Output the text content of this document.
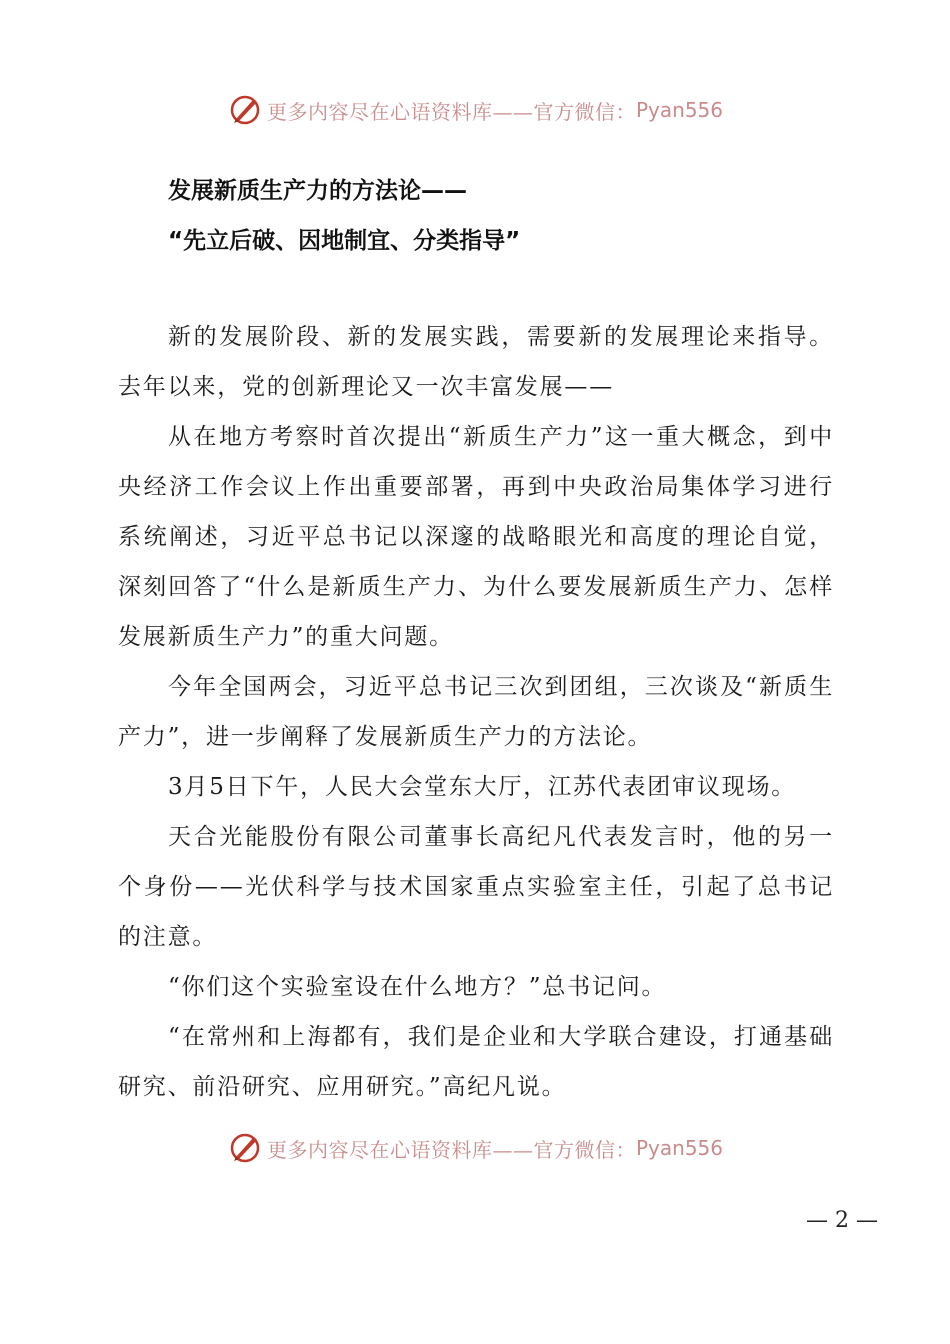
更多内容尽在心语资料库——官方微信： Pyan556
发展新质生产力的方法论——
“先立后破、因地制宜、分类指导”

新的发展阶段、新的发展实践，需要新的发展理论来指导。去年以来，党的创新理论又一次丰富发展——

从在地方考察时首次提出“新质生产力”这一重大概念，到中央经济工作会议上作出重要部署，再到中央政治局集体学习进行系统阐述，习近平总书记以深邃的战略眼光和高度的理论自觉，深刻回答了“什么是新质生产力、为什么要发展新质生产力、怎样发展新质生产力”的重大问题。

今年全国两会，习近平总书记三次到团组，三次谈及“新质生产力”，进一步阐释了发展新质生产力的方法论。

3月5日下午，人民大会堂东大厅，江苏代表团审议现场。

天合光能股份有限公司董事长高纪凡代表发言时，他的另一个身份——光伏科学与技术国家重点实验室主任，引起了总书记的注意。

“你们这个实验室设在什么地方？”总书记问。

“在常州和上海都有，我们是企业和大学联合建设，打通基础研究、前沿研究、应用研究。”高纪凡说。

更多内容尽在心语资料库——官方微信： Pyan556
— 2 —
